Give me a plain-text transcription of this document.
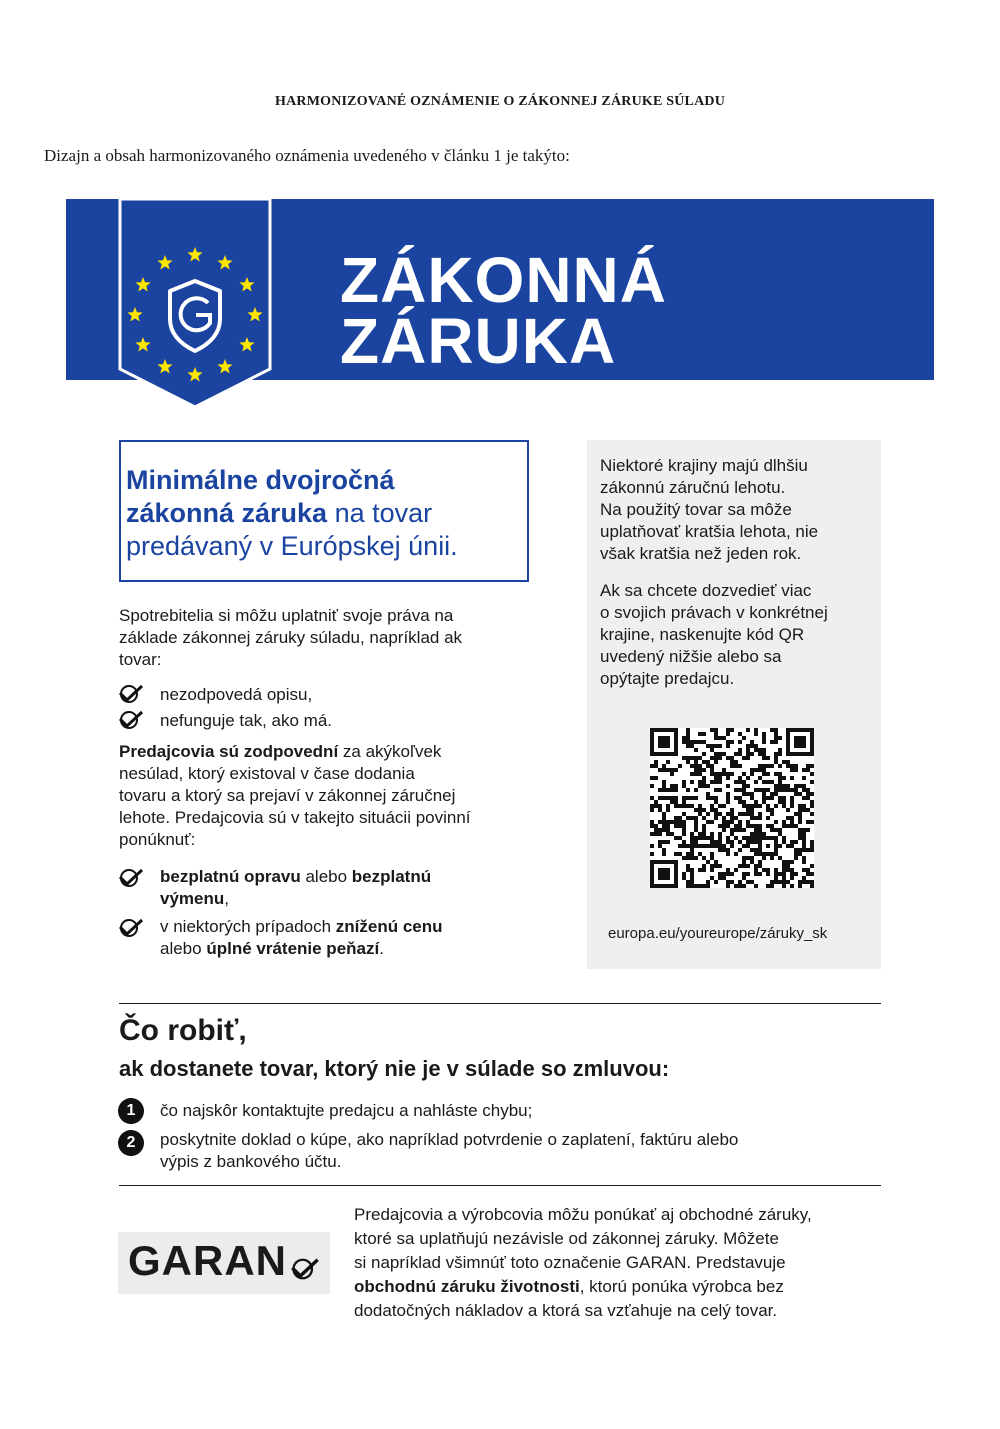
HARMONIZOVANÉ OZNÁMENIE O ZÁKONNEJ ZÁRUKE SÚLADU
Dizajn a obsah harmonizovaného oznámenia uvedeného v článku 1 je takýto:
ZÁKONNÁ
ZÁRUKA
Minimálne dvojročná
zákonná záruka na tovar
predávaný v Európskej únii.
Spotrebitelia si môžu uplatniť svoje práva na
základe zákonnej záruky súladu, napríklad ak
tovar:
nezodpovedá opisu,
nefunguje tak, ako má.
Predajcovia sú zodpovední za akýkoľvek
nesúlad, ktorý existoval v čase dodania
tovaru a ktorý sa prejaví v zákonnej záručnej
lehote. Predajcovia sú v takejto situácii povinní
ponúknuť:
bezplatnú opravu alebo bezplatnú
výmenu,
v niektorých prípadoch zníženú cenu
alebo úplné vrátenie peňazí.
Niektoré krajiny majú dlhšiu
zákonnú záručnú lehotu.
Na použitý tovar sa môže
uplatňovať kratšia lehota, nie
však kratšia než jeden rok.
Ak sa chcete dozvedieť viac
o svojich právach v konkrétnej
krajine, naskenujte kód QR
uvedený nižšie alebo sa
opýtajte predajcu.
europa.eu/youreurope/záruky_sk
Čo robiť,
ak dostanete tovar, ktorý nie je v súlade so zmluvou:
1	čo najskôr kontaktujte predajcu a nahláste chybu;
2	poskytnite doklad o kúpe, ako napríklad potvrdenie o zaplatení, faktúru alebo
výpis z bankového účtu.
GARAN
Predajcovia a výrobcovia môžu ponúkať aj obchodné záruky,
ktoré sa uplatňujú nezávisle od zákonnej záruky. Môžete
si napríklad všimnúť toto označenie GARAN. Predstavuje
obchodnú záruku životnosti, ktorú ponúka výrobca bez
dodatočných nákladov a ktorá sa vzťahuje na celý tovar.
